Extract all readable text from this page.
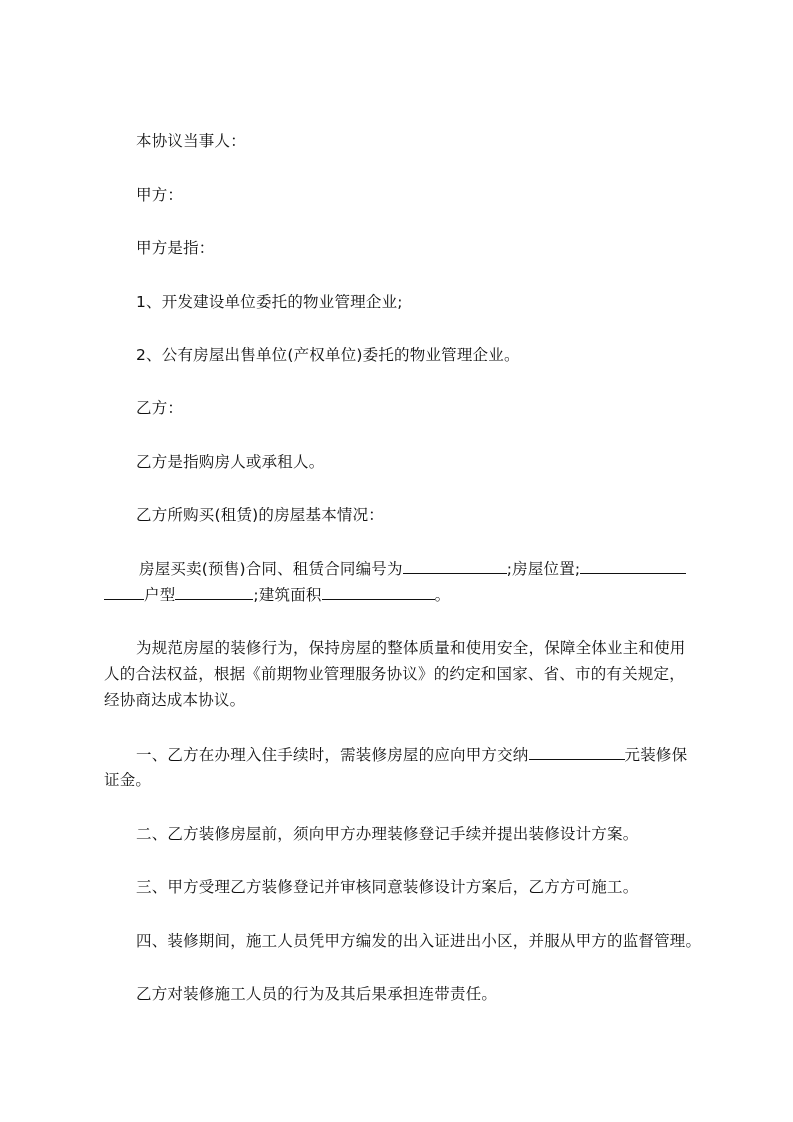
本协议当事人：

甲方：

甲方是指：

1、开发建设单位委托的物业管理企业;

2、公有房屋出售单位(产权单位)委托的物业管理企业。

乙方：

乙方是指购房人或承租人。

乙方所购买(租赁)的房屋基本情况：

房屋买卖(预售)合同、租赁合同编号为	;房屋位置;

户型	;建筑面积	。

为规范房屋的装修行为，保持房屋的整体质量和使用安全，保障全体业主和使用

人的合法权益，根据《前期物业管理服务协议》的约定和国家、省、市的有关规定，

经协商达成本协议。

一、乙方在办理入住手续时，需装修房屋的应向甲方交纳	元装修保

证金。

二、乙方装修房屋前，须向甲方办理装修登记手续并提出装修设计方案。

三、甲方受理乙方装修登记并审核同意装修设计方案后，乙方方可施工。

四、装修期间，施工人员凭甲方编发的出入证进出小区，并服从甲方的监督管理。

乙方对装修施工人员的行为及其后果承担连带责任。
